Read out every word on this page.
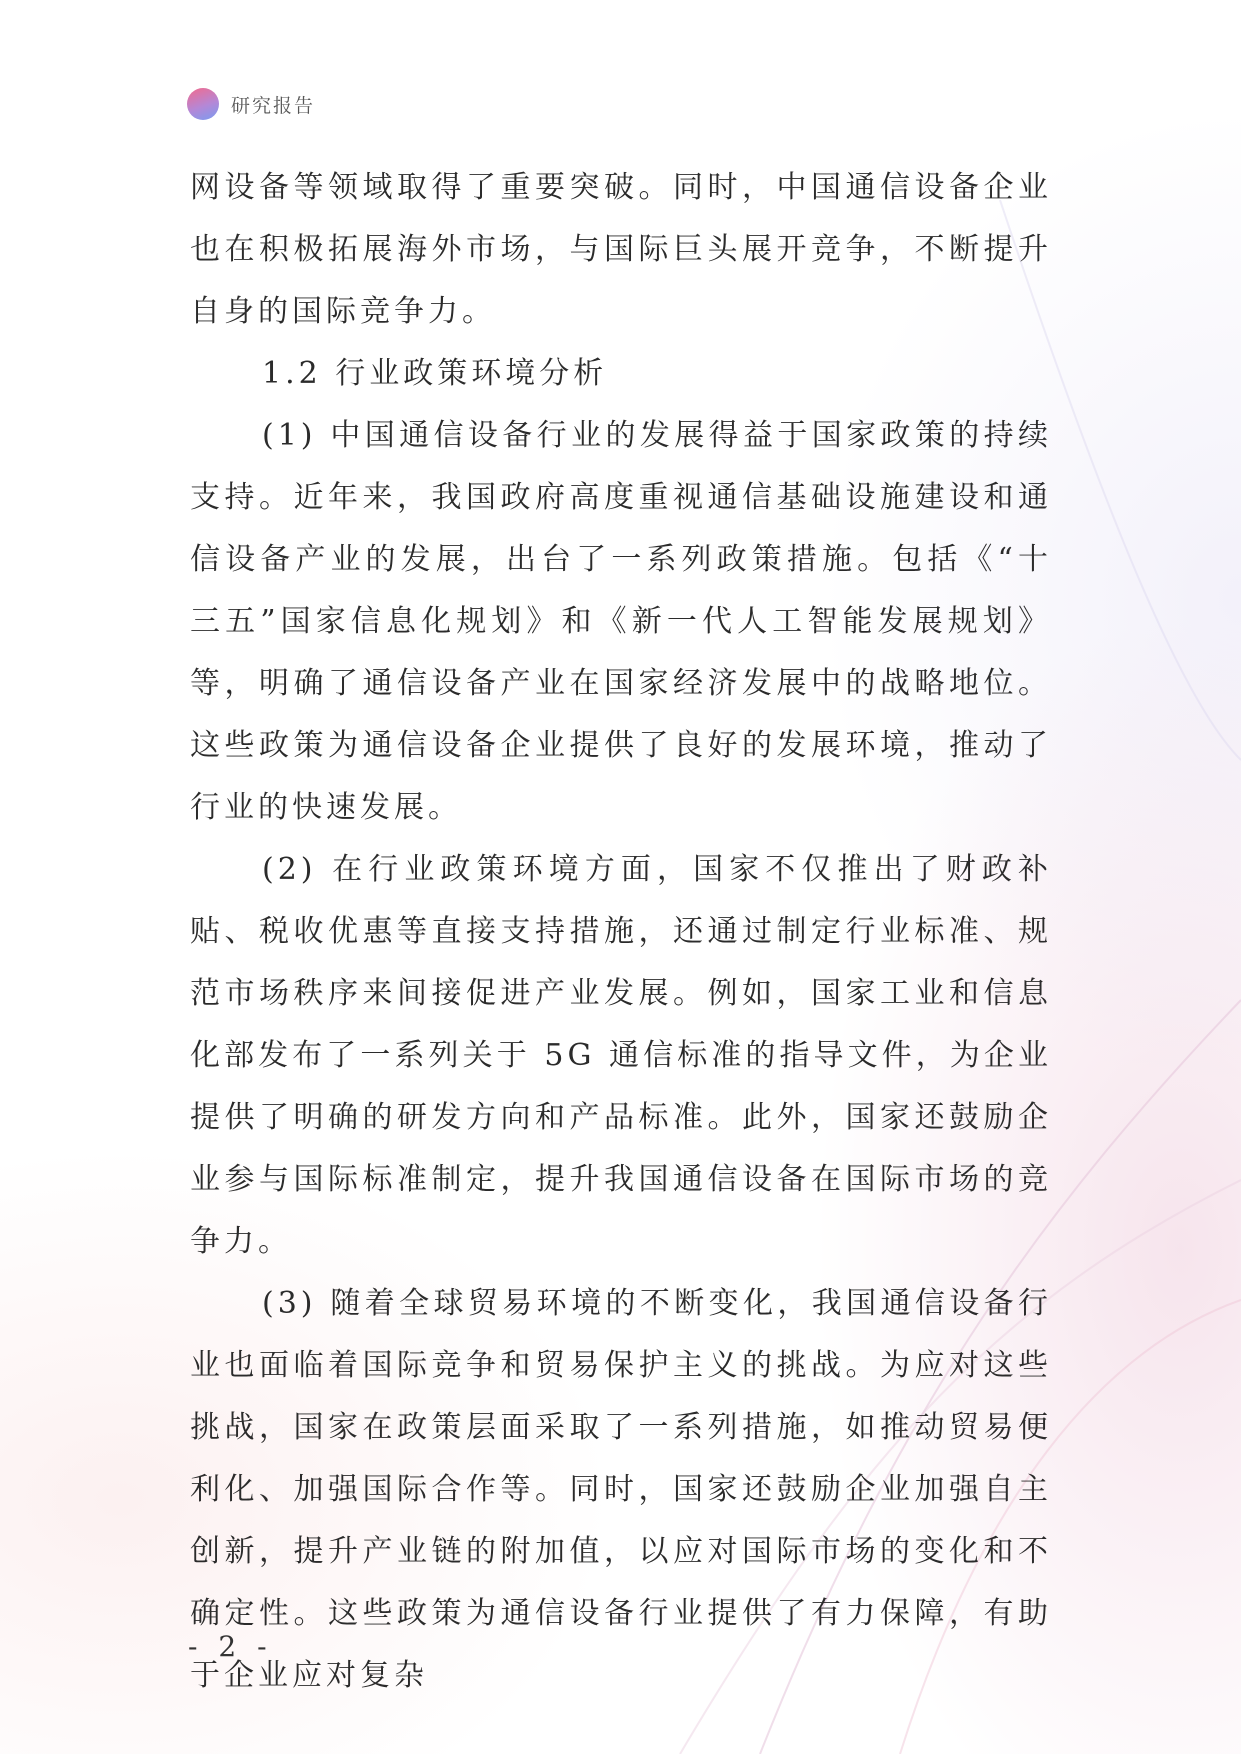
研究报告

网设备等领域取得了重要突破。同时，中国通信设备企业也在积极拓展海外市场，与国际巨头展开竞争，不断提升自身的国际竞争力。

1.2 行业政策环境分析

(1) 中国通信设备行业的发展得益于国家政策的持续支持。近年来，我国政府高度重视通信基础设施建设和通信设备产业的发展，出台了一系列政策措施。包括《“十三五”国家信息化规划》和《新一代人工智能发展规划》等，明确了通信设备产业在国家经济发展中的战略地位。这些政策为通信设备企业提供了良好的发展环境，推动了行业的快速发展。

(2) 在行业政策环境方面，国家不仅推出了财政补贴、税收优惠等直接支持措施，还通过制定行业标准、规范市场秩序来间接促进产业发展。例如，国家工业和信息化部发布了一系列关于 5G 通信标准的指导文件，为企业提供了明确的研发方向和产品标准。此外，国家还鼓励企业参与国际标准制定，提升我国通信设备在国际市场的竞争力。

(3) 随着全球贸易环境的不断变化，我国通信设备行业也面临着国际竞争和贸易保护主义的挑战。为应对这些挑战，国家在政策层面采取了一系列措施，如推动贸易便利化、加强国际合作等。同时，国家还鼓励企业加强自主创新，提升产业链的附加值，以应对国际市场的变化和不确定性。这些政策为通信设备行业提供了有力保障，有助于企业应对复杂

- 2 -
